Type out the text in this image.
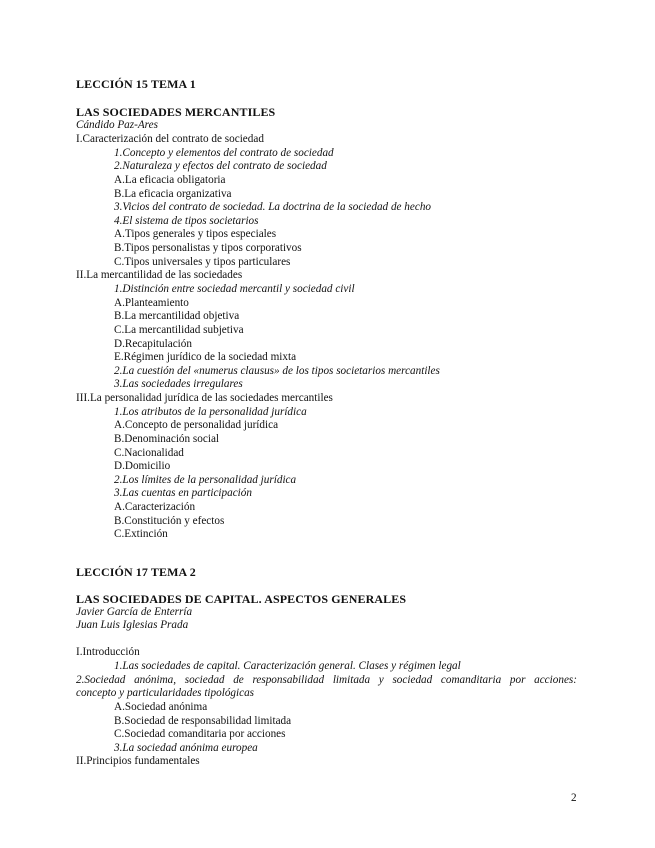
LECCIÓN 15 TEMA 1
LAS SOCIEDADES MERCANTILES
Cándido Paz-Ares
I.Caracterización del contrato de sociedad
1.Concepto y elementos del contrato de sociedad
2.Naturaleza y efectos del contrato de sociedad
A.La eficacia obligatoria
B.La eficacia organizativa
3.Vicios del contrato de sociedad. La doctrina de la sociedad de hecho
4.El sistema de tipos societarios
A.Tipos generales y tipos especiales
B.Tipos personalistas y tipos corporativos
C.Tipos universales y tipos particulares
II.La mercantilidad de las sociedades
1.Distinción entre sociedad mercantil y sociedad civil
A.Planteamiento
B.La mercantilidad objetiva
C.La mercantilidad subjetiva
D.Recapitulación
E.Régimen jurídico de la sociedad mixta
2.La cuestión del «numerus clausus» de los tipos societarios mercantiles
3.Las sociedades irregulares
III.La personalidad jurídica de las sociedades mercantiles
1.Los atributos de la personalidad jurídica
A.Concepto de personalidad jurídica
B.Denominación social
C.Nacionalidad
D.Domicilio
2.Los límites de la personalidad jurídica
3.Las cuentas en participación
A.Caracterización
B.Constitución y efectos
C.Extinción
LECCIÓN 17 TEMA 2
LAS SOCIEDADES DE CAPITAL. ASPECTOS GENERALES
Javier García de Enterría
Juan Luis Iglesias Prada
I.Introducción
1.Las sociedades de capital. Caracterización general. Clases y régimen legal
2.Sociedad anónima, sociedad de responsabilidad limitada y sociedad comanditaria por acciones:
concepto y particularidades tipológicas
A.Sociedad anónima
B.Sociedad de responsabilidad limitada
C.Sociedad comanditaria por acciones
3.La sociedad anónima europea
II.Principios fundamentales
2
